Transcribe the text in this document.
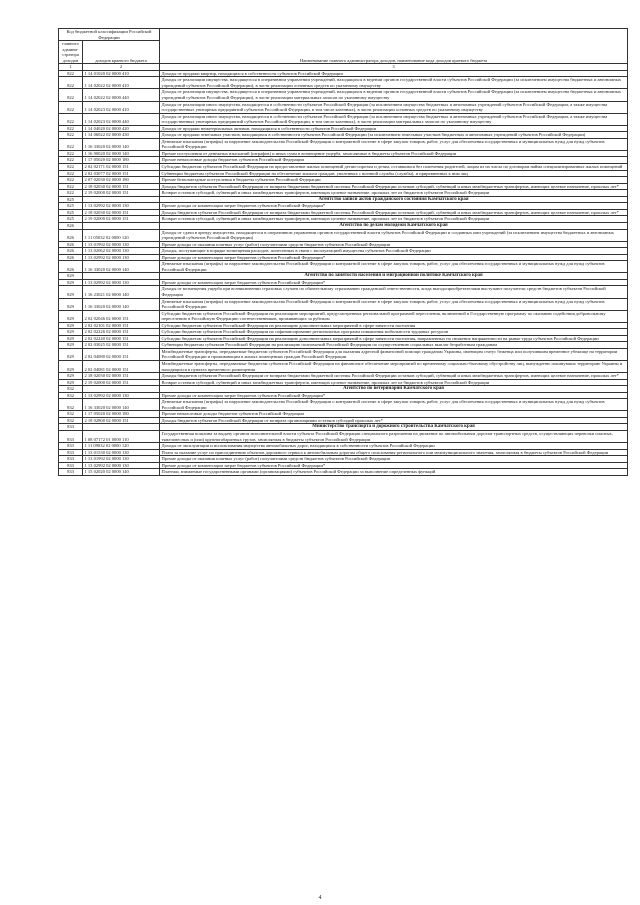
Код бюджетной классификации Российской Федерации		Наименование главного администратора доходов, наименование кода доходов краевого бюджета
главного админи-стратора доходов	доходов краевого бюджета	
1	2	3
822	1 14 01020 02 0000 410	Доходы от продажи квартир, находящихся в собственности субъектов Российской Федерации
822	1 14 02022 02 0000 410	Доходы от реализации имущества, находящегося в оперативном управлении учреждений, находящихся в ведении органов государственной власти субъектов Российской Федерации (за исключением имущества бюджетных и автономных учреждений субъектов Российской Федерации), в части реализации основных средств по указанному имуществу
822	1 14 02022 02 0000 440	Доходы от реализации имущества, находящегося в оперативном управлении учреждений, находящихся в ведении органов государственной власти субъектов Российской Федерации (за исключением имущества бюджетных и автономных учреждений субъектов Российской Федерации), в части реализации материальных запасов по указанному имуществу
822	1 14 02023 02 0000 410	Доходы от реализации иного имущества, находящегося в собственности субъектов Российской Федерации (за исключением имущества бюджетных и автономных учреждений субъектов Российской Федерации, а также имущества государственных унитарных предприятий субъектов Российской Федерации, в том числе казенных), в части реализации основных средств по указанному имуществу
822	1 14 02023 02 0000 440	Доходы от реализации иного имущества, находящегося в собственности субъектов Российской Федерации (за исключением имущества бюджетных и автономных учреждений субъектов Российской Федерации, а также имущества государственных унитарных предприятий субъектов Российской Федерации, в том числе казенных), в части реализации материальных запасов по указанному имуществу
822	1 14 04020 02 0000 420	Доходы от продажи нематериальных активов, находящихся в собственности субъектов Российской Федерации
822	1 14 06022 02 0000 430	Доходы от продажи земельных участков, находящихся в собственности субъектов Российской Федерации (за исключением земельных участков бюджетных и автономных учреждений субъектов Российской Федерации)
822	1 16 33020 02 0000 140	Денежные взыскания (штрафы) за нарушение законодательства Российской Федерации о контрактной системе в сфере закупок товаров, работ, услуг для обеспечения государственных и муниципальных нужд для нужд субъектов Российской Федерации
822	1 16 90020 02 0000 140	Прочие поступления от денежных взысканий (штрафов) и иных сумм в возмещение ущерба, зачисляемые в бюджеты субъектов Российской Федерации
822	1 17 05020 02 0000 180	Прочие неналоговые доходы бюджетов субъектов Российской Федерации
822	2 02 02171 02 0000 151	Субсидии бюджетам субъектов Российской Федерации на предоставление жилых помещений детям-сиротам и детям, оставшимся без попечения родителей, лицам из их числа по договорам найма специализированных жилых помещений
822	2 02 03077 02 0000 151	Субвенции бюджетам субъектов Российской Федерации на обеспечение жильем граждан, уволенных с военной службы (службы), и приравненных к ним лиц
822	2 07 02030 02 0000 180	Прочие безвозмездные поступления в бюджеты субъектов Российской Федерации
822	2 18 02030 02 0000 151	Доходы бюджетов субъектов Российской Федерации от возврата бюджетами бюджетной системы Российской Федерации остатков субсидий, субвенций и иных межбюджетных трансфертов, имеющих целевое назначение, прошлых лет*
822	2 19 02000 02 0000 151	Возврат остатков субсидий, субвенций и иных межбюджетных трансфертов, имеющих целевое назначение, прошлых лет из бюджетов субъектов Российской Федерации
825		Агентство записи актов гражданского состояния Камчатского края
825	1 13 02992 02 0000 130	Прочие доходы от компенсации затрат бюджетов субъектов Российской Федерации*
825	2 18 02030 02 0000 151	Доходы бюджетов субъектов Российской Федерации от возврата бюджетами бюджетной системы Российской Федерации остатков субсидий, субвенций и иных межбюджетных трансфертов, имеющих целевое назначение, прошлых лет*
825	2 19 02000 02 0000 151	Возврат остатков субсидий, субвенций и иных межбюджетных трансфертов, имеющих целевое назначение, прошлых лет из бюджетов субъектов Российской Федерации
826		Агентство по делам молодежи Камчатского края
826	1 11 05032 02 0000 120	Доходы от сдачи в аренду имущества, находящегося в оперативном управлении органов государственной власти субъектов Российской Федерации и созданных ими учреждений (за исключением имущества бюджетных и автономных учреждений субъектов Российской Федерации)
826	1 13 01992 02 0000 130	Прочие доходы от оказания платных услуг (работ) получателями средств бюджетов субъектов Российской Федерации
826	1 13 02062 02 0000 130	Доходы, поступающие в порядке возмещения расходов, понесенных в связи с эксплуатацией имущества субъектов Российской Федерации
826	1 13 02992 02 0000 130	Прочие доходы от компенсации затрат бюджетов субъектов Российской Федерации*
826	1 16 33020 02 0000 140	Денежные взыскания (штрафы) за нарушение законодательства Российской Федерации о контрактной системе в сфере закупок товаров, работ, услуг для обеспечения государственных и муниципальных нужд для нужд субъектов Российской Федерации
829		Агентство по занятости населения и миграционной политике Камчатского края
829	1 13 02992 02 0000 130	Прочие доходы от компенсации затрат бюджетов субъектов Российской Федерации*
829	1 16 23021 02 0000 140	Доходы от возмещения ущерба при возникновении страховых случаев по обязательному страхованию гражданской ответственности, когда выгодоприобретателями выступают получатели средств бюджетов субъектов Российской Федерации
829	1 16 33020 02 0000 140	Денежные взыскания (штрафы) за нарушение законодательства Российской Федерации о контрактной системе в сфере закупок товаров, работ, услуг для обеспечения государственных и муниципальных нужд для нужд субъектов Российской Федерации
829	2 02 02046 02 0000 151	Субсидии бюджетам субъектов Российской Федерации на реализацию мероприятий, предусмотренных региональной программой переселения, включенной в Государственную программу по оказанию содействия добровольному переселению в Российскую Федерацию соотечественников, проживающих за рубежом
829	2 02 02101 02 0000 151	Субсидии бюджетам субъектов Российской Федерации на реализацию дополнительных мероприятий в сфере занятости населения
829	2 02 02226 02 0000 151	Субсидии бюджетам субъектов Российской Федерации на софинансирование региональных программ повышения мобильности трудовых ресурсов
829	2 02 02240 02 0000 151	Субсидии бюджетам субъектов Российской Федерации на реализацию дополнительных мероприятий в сфере занятости населения, направленных на снижение напряженности на рынке труда субъектов Российской Федерации
829	2 02 03025 02 0000 151	Субвенции бюджетам субъектов Российской Федерации на реализацию полномочий Российской Федерации по осуществлению социальных выплат безработным гражданам
829	2 02 04080 02 0000 151	Межбюджетные трансферты, передаваемые бюджетам субъектов Российской Федерации для оказания адресной финансовой помощи гражданам Украины, имеющим статус беженца или получившим временное убежище на территории Российской Федерации и проживающим в жилых помещениях граждан Российской Федерации
829	2 02 04081 02 0000 151	Межбюджетные трансферты, передаваемые бюджетам субъектов Российской Федерации на финансовое обеспечение мероприятий по временному социально-бытовому обустройству лиц, вынужденно покинувших территорию Украины и находящихся в пунктах временного размещения
829	2 18 02030 02 0000 151	Доходы бюджетов субъектов Российской Федерации от возврата бюджетами бюджетной системы Российской Федерации остатков субсидий, субвенций и иных межбюджетных трансфертов, имеющих целевое назначение, прошлых лет*
829	2 19 02000 02 0000 151	Возврат остатков субсидий, субвенций и иных межбюджетных трансфертов, имеющих целевое назначение, прошлых лет из бюджетов субъектов Российской Федерации
832		Агентство по ветеринарии Камчатского края
832	1 13 02992 02 0000 130	Прочие доходы от компенсации затрат бюджетов субъектов Российской Федерации*
832	1 16 33020 02 0000 140	Денежные взыскания (штрафы) за нарушение законодательства Российской Федерации о контрактной системе в сфере закупок товаров, работ, услуг для обеспечения государственных и муниципальных нужд для нужд субъектов Российской Федерации
832	1 17 05020 02 0000 180	Прочие неналоговые доходы бюджетов субъектов Российской Федерации
832	2 18 02800 02 0000 151	Доходы бюджетов субъектов Российской Федерации от возврата организациями остатков субсидий прошлых лет*
833		Министерство транспорта и дорожного строительства Камчатского края
833	1 08 07172 01 0000 110	Государственная пошлина за выдачу органом исполнительной власти субъекта Российской Федерации специального разрешения на движение по автомобильным дорогам транспортных средств, осуществляющих перевозки опасных, тяжеловесных и (или) крупногабаритных грузов, зачисляемая в бюджеты субъектов Российской Федерации
833	1 11 09032 02 0000 120	Доходы от эксплуатации и использования имущества автомобильных дорог, находящихся в собственности субъектов Российской Федерации
833	1 13 01530 02 0000 130	Плата за оказание услуг по присоединению объектов дорожного сервиса к автомобильным дорогам общего пользования регионального или межмуниципального значения, зачисляемая в бюджеты субъектов Российской Федерации
833	1 13 01992 02 0000 130	Прочие доходы от оказания платных услуг (работ) получателями средств бюджетов субъектов Российской Федерации
833	1 13 02992 02 0000 130	Прочие доходы от компенсации затрат бюджетов субъектов Российской Федерации*
833	1 15 02020 02 0000 140	Платежи, взимаемые государственными органами (организациями) субъектов Российской Федерации за выполнение определенных функций
4
